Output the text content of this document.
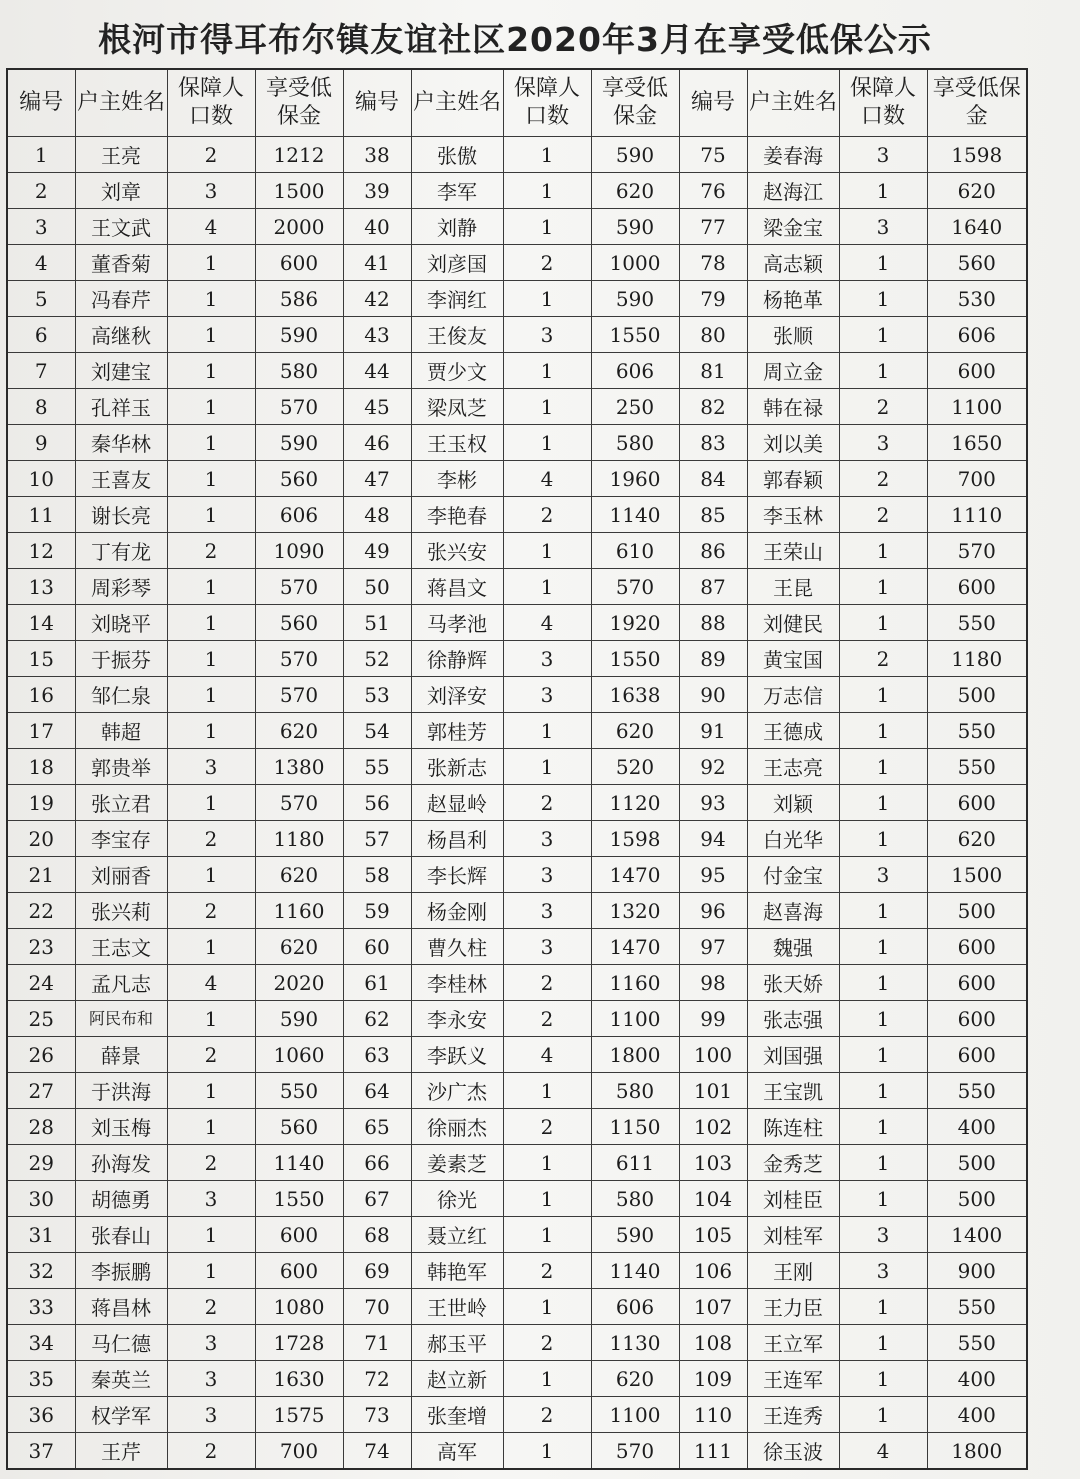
根河市得耳布尔镇友谊社区2020年3月在享受低保公示
编号	户主姓名	保障人口数	享受低保金	编号	户主姓名	保障人口数	享受低保金	编号	户主姓名	保障人口数	享受低保金
1	王亮	2	1212	38	张傲	1	590	75	姜春海	3	1598
2	刘章	3	1500	39	李军	1	620	76	赵海江	1	620
3	王文武	4	2000	40	刘静	1	590	77	梁金宝	3	1640
4	董香菊	1	600	41	刘彦国	2	1000	78	高志颖	1	560
5	冯春芹	1	586	42	李润红	1	590	79	杨艳革	1	530
6	高继秋	1	590	43	王俊友	3	1550	80	张顺	1	606
7	刘建宝	1	580	44	贾少文	1	606	81	周立金	1	600
8	孔祥玉	1	570	45	梁凤芝	1	250	82	韩在禄	2	1100
9	秦华林	1	590	46	王玉权	1	580	83	刘以美	3	1650
10	王喜友	1	560	47	李彬	4	1960	84	郭春颖	2	700
11	谢长亮	1	606	48	李艳春	2	1140	85	李玉林	2	1110
12	丁有龙	2	1090	49	张兴安	1	610	86	王荣山	1	570
13	周彩琴	1	570	50	蒋昌文	1	570	87	王昆	1	600
14	刘晓平	1	560	51	马孝池	4	1920	88	刘健民	1	550
15	于振芬	1	570	52	徐静辉	3	1550	89	黄宝国	2	1180
16	邹仁泉	1	570	53	刘泽安	3	1638	90	万志信	1	500
17	韩超	1	620	54	郭桂芳	1	620	91	王德成	1	550
18	郭贵举	3	1380	55	张新志	1	520	92	王志亮	1	550
19	张立君	1	570	56	赵显岭	2	1120	93	刘颖	1	600
20	李宝存	2	1180	57	杨昌利	3	1598	94	白光华	1	620
21	刘丽香	1	620	58	李长辉	3	1470	95	付金宝	3	1500
22	张兴莉	2	1160	59	杨金刚	3	1320	96	赵喜海	1	500
23	王志文	1	620	60	曹久柱	3	1470	97	魏强	1	600
24	孟凡志	4	2020	61	李桂林	2	1160	98	张天娇	1	600
25	阿民布和	1	590	62	李永安	2	1100	99	张志强	1	600
26	薛景	2	1060	63	李跃义	4	1800	100	刘国强	1	600
27	于洪海	1	550	64	沙广杰	1	580	101	王宝凯	1	550
28	刘玉梅	1	560	65	徐丽杰	2	1150	102	陈连柱	1	400
29	孙海发	2	1140	66	姜素芝	1	611	103	金秀芝	1	500
30	胡德勇	3	1550	67	徐光	1	580	104	刘桂臣	1	500
31	张春山	1	600	68	聂立红	1	590	105	刘桂军	3	1400
32	李振鹏	1	600	69	韩艳军	2	1140	106	王刚	3	900
33	蒋昌林	2	1080	70	王世岭	1	606	107	王力臣	1	550
34	马仁德	3	1728	71	郝玉平	2	1130	108	王立军	1	550
35	秦英兰	3	1630	72	赵立新	1	620	109	王连军	1	400
36	权学军	3	1575	73	张奎增	2	1100	110	王连秀	1	400
37	王芹	2	700	74	高军	1	570	111	徐玉波	4	1800
